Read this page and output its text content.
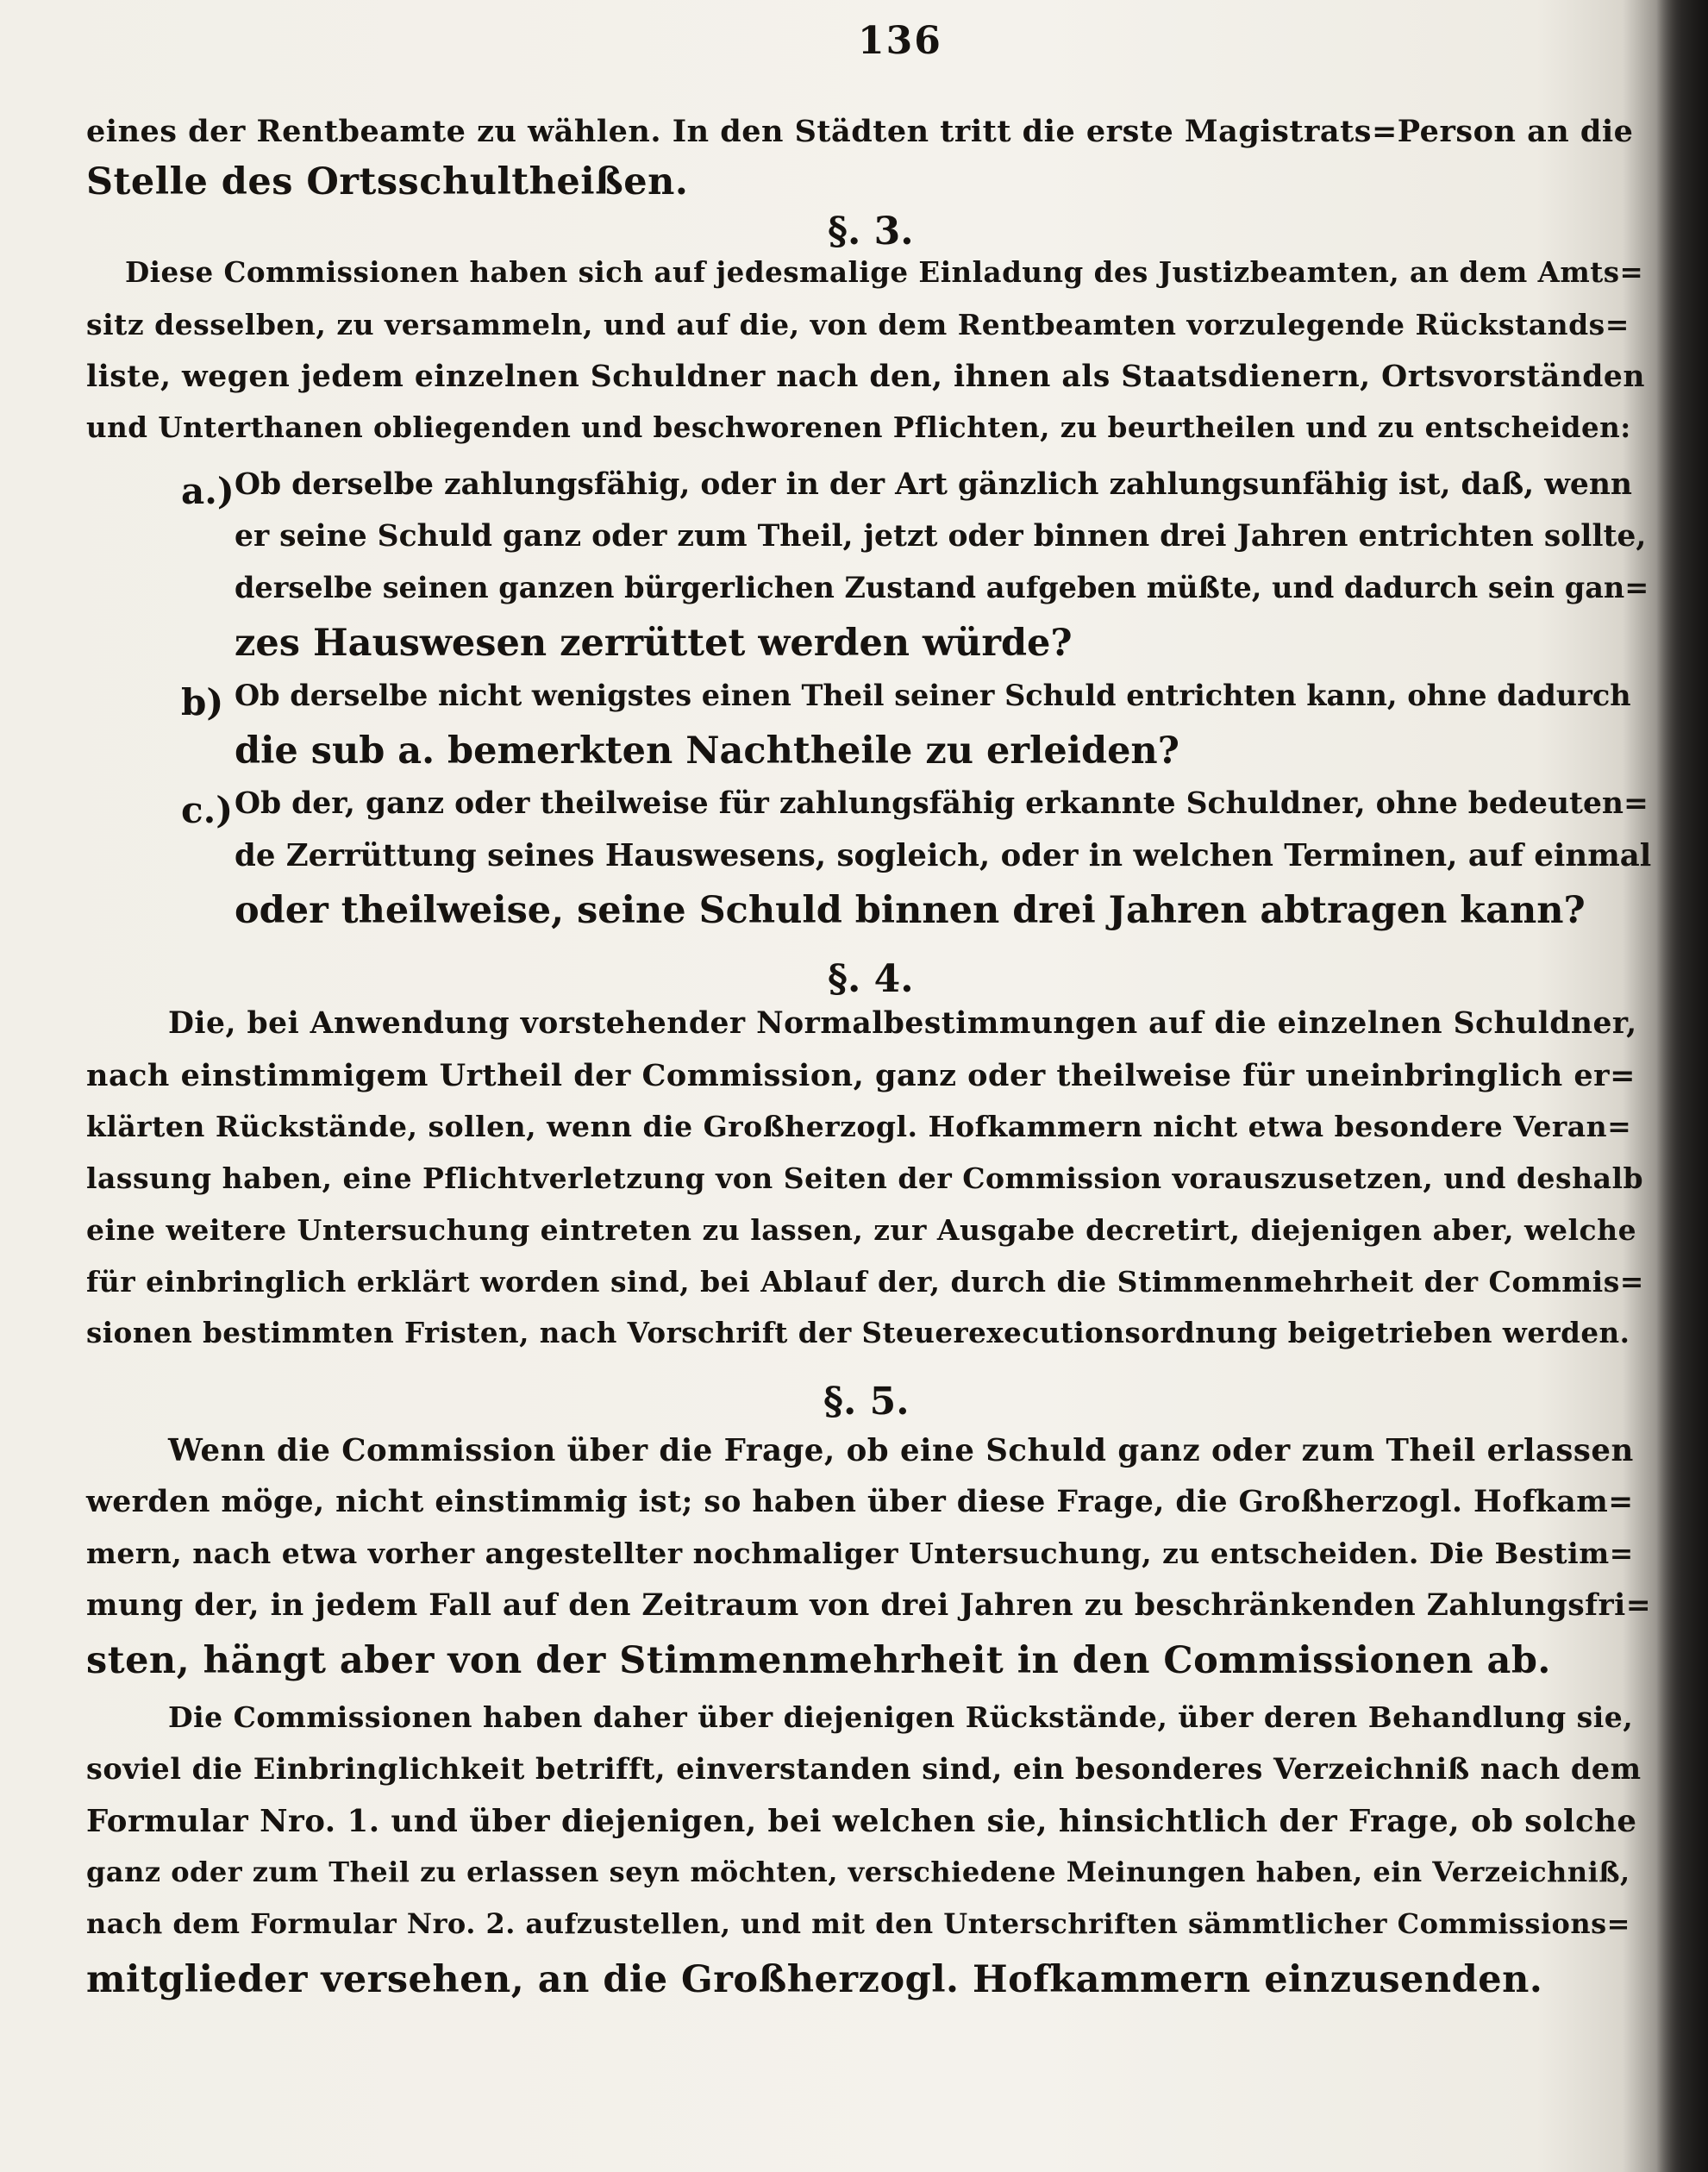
136
eines der Rentbeamte zu wählen. In den Städten tritt die erste Magistrats=Person an die
Stelle des Ortsschultheißen.
§. 3.
Diese Commissionen haben sich auf jedesmalige Einladung des Justizbeamten, an dem Amts=
sitz desselben, zu versammeln, und auf die, von dem Rentbeamten vorzulegende Rückstands=
liste, wegen jedem einzelnen Schuldner nach den, ihnen als Staatsdienern, Ortsvorständen
und Unterthanen obliegenden und beschworenen Pflichten, zu beurtheilen und zu entscheiden:
a.) Ob derselbe zahlungsfähig, oder in der Art gänzlich zahlungsunfähig ist, daß, wenn
er seine Schuld ganz oder zum Theil, jetzt oder binnen drei Jahren entrichten sollte,
derselbe seinen ganzen bürgerlichen Zustand aufgeben müßte, und dadurch sein gan=
zes Hauswesen zerrüttet werden würde?
b) Ob derselbe nicht wenigstes einen Theil seiner Schuld entrichten kann, ohne dadurch
die sub a. bemerkten Nachtheile zu erleiden?
c.) Ob der, ganz oder theilweise für zahlungsfähig erkannte Schuldner, ohne bedeuten=
de Zerrüttung seines Hauswesens, sogleich, oder in welchen Terminen, auf einmal
oder theilweise, seine Schuld binnen drei Jahren abtragen kann?
§. 4.
Die, bei Anwendung vorstehender Normalbestimmungen auf die einzelnen Schuldner,
nach einstimmigem Urtheil der Commission, ganz oder theilweise für uneinbringlich er=
klärten Rückstände, sollen, wenn die Großherzogl. Hofkammern nicht etwa besondere Veran=
lassung haben, eine Pflichtverletzung von Seiten der Commission vorauszusetzen, und deshalb
eine weitere Untersuchung eintreten zu lassen, zur Ausgabe decretirt, diejenigen aber, welche
für einbringlich erklärt worden sind, bei Ablauf der, durch die Stimmenmehrheit der Commis=
sionen bestimmten Fristen, nach Vorschrift der Steuerexecutionsordnung beigetrieben werden.
§. 5.
Wenn die Commission über die Frage, ob eine Schuld ganz oder zum Theil erlassen
werden möge, nicht einstimmig ist; so haben über diese Frage, die Großherzogl. Hofkam=
mern, nach etwa vorher angestellter nochmaliger Untersuchung, zu entscheiden. Die Bestim=
mung der, in jedem Fall auf den Zeitraum von drei Jahren zu beschränkenden Zahlungsfri=
sten, hängt aber von der Stimmenmehrheit in den Commissionen ab.
Die Commissionen haben daher über diejenigen Rückstände, über deren Behandlung sie,
soviel die Einbringlichkeit betrifft, einverstanden sind, ein besonderes Verzeichniß nach dem
Formular Nro. 1. und über diejenigen, bei welchen sie, hinsichtlich der Frage, ob solche
ganz oder zum Theil zu erlassen seyn möchten, verschiedene Meinungen haben, ein Verzeichniß,
nach dem Formular Nro. 2. aufzustellen, und mit den Unterschriften sämmtlicher Commissions=
mitglieder versehen, an die Großherzogl. Hofkammern einzusenden.
